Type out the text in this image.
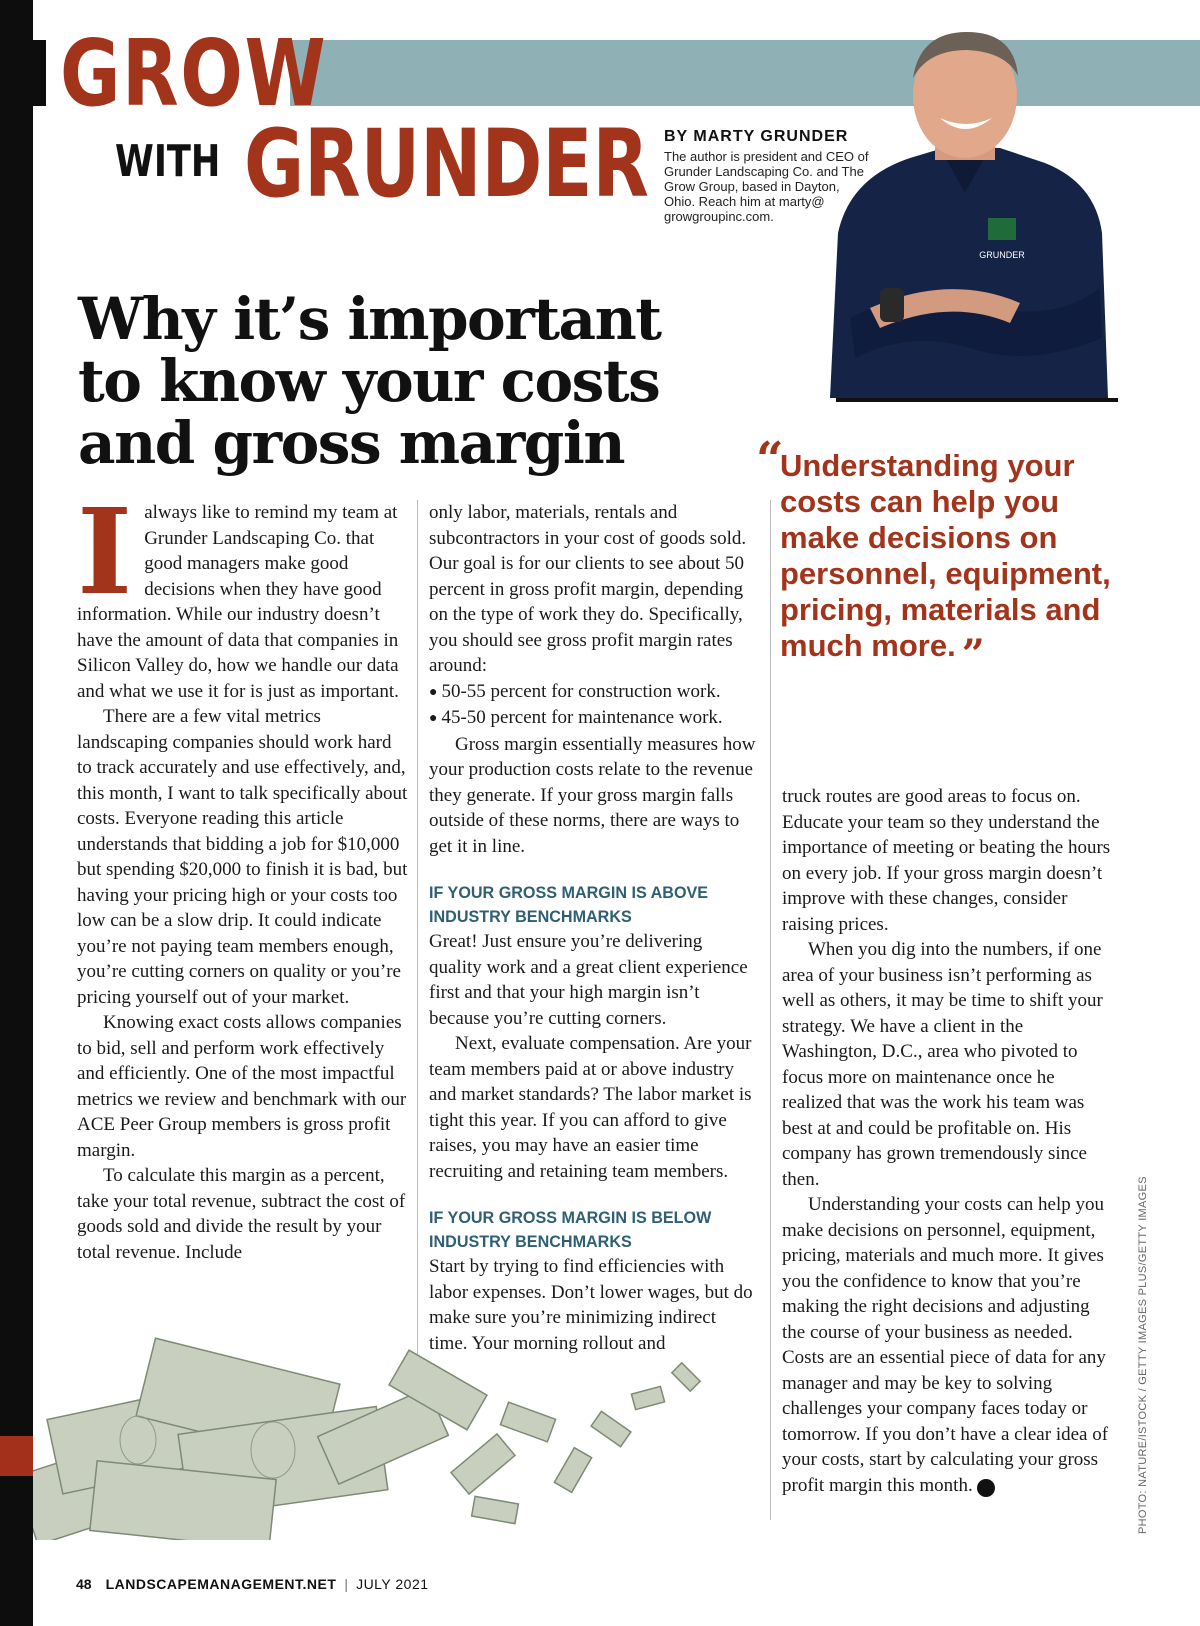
GROW
WITH GRUNDER BY MARTY GRUNDER
The author is president and CEO of Grunder Landscaping Co. and The Grow Group, based in Dayton, Ohio. Reach him at marty@ growgroupinc.com.
GRUNDER
Why it’s important to know your costs and gross margin	“
Understanding your costs can help you make decisions on personnel, equipment, pricing, materials and much more. ”

Ialways like to remind my team at Grunder Landscaping Co. that good managers make good decisions when they have good information. While our industry doesn’t have the amount of data that companies in Silicon Valley do, how we handle our data and what we use it for is just as important.

There are a few vital metrics landscaping companies should work hard to track accurately and use effectively, and, this month, I want to talk specifically about costs. Everyone reading this article understands that bidding a job for $10,000 but spending $20,000 to finish it is bad, but having your pricing high or your costs too low can be a slow drip. It could indicate you’re not paying team members enough, you’re cutting corners on quality or you’re pricing yourself out of your market.

Knowing exact costs allows companies to bid, sell and perform work effectively and efficiently. One of the most impactful metrics we review and benchmark with our ACE Peer Group members is gross profit margin.

To calculate this margin as a percent, take your total revenue, subtract the cost of goods sold and divide the result by your total revenue. Include

only labor, materials, rentals and subcontractors in your cost of goods sold. Our goal is for our clients to see about 50 percent in gross profit margin, depending on the type of work they do. Specifically, you should see gross profit margin rates around:

● 50-55 percent for construction work.
● 45-50 percent for maintenance work.

Gross margin essentially measures how your production costs relate to the revenue they generate. If your gross margin falls outside of these norms, there are ways to get it in line.

IF YOUR GROSS MARGIN IS ABOVE INDUSTRY BENCHMARKS

Great! Just ensure you’re delivering quality work and a great client experience first and that your high margin isn’t because you’re cutting corners.

Next, evaluate compensation. Are your team members paid at or above industry and market standards? The labor market is tight this year. If you can afford to give raises, you may have an easier time recruiting and retaining team members.

IF YOUR GROSS MARGIN IS BELOW INDUSTRY BENCHMARKS

Start by trying to find efficiencies with labor expenses. Don’t lower wages, but do make sure you’re minimizing indirect time. Your morning rollout and

truck routes are good areas to focus on. Educate your team so they understand the importance of meeting or beating the hours on every job. If your gross margin doesn’t improve with these changes, consider raising prices.

When you dig into the numbers, if one area of your business isn’t performing as well as others, it may be time to shift your strategy. We have a client in the Washington, D.C., area who pivoted to focus more on maintenance once he realized that was the work his team was best at and could be profitable on. His company has grown tremendously since then.

Understanding your costs can help you make decisions on personnel, equipment, pricing, materials and much more. It gives you the confidence to know that you’re making the right decisions and adjusting the course of your business as needed. Costs are an essential piece of data for any manager and may be key to solving challenges your company faces today or tomorrow. If you don’t have a clear idea of your costs, start by calculating your gross profit margin this month.	LM	PHOTO: NATURE/ISTOCK / GETTY IMAGES PLUS/GETTY IMAGES
48 LANDSCAPEMANAGEMENT.NET | JULY 2021
